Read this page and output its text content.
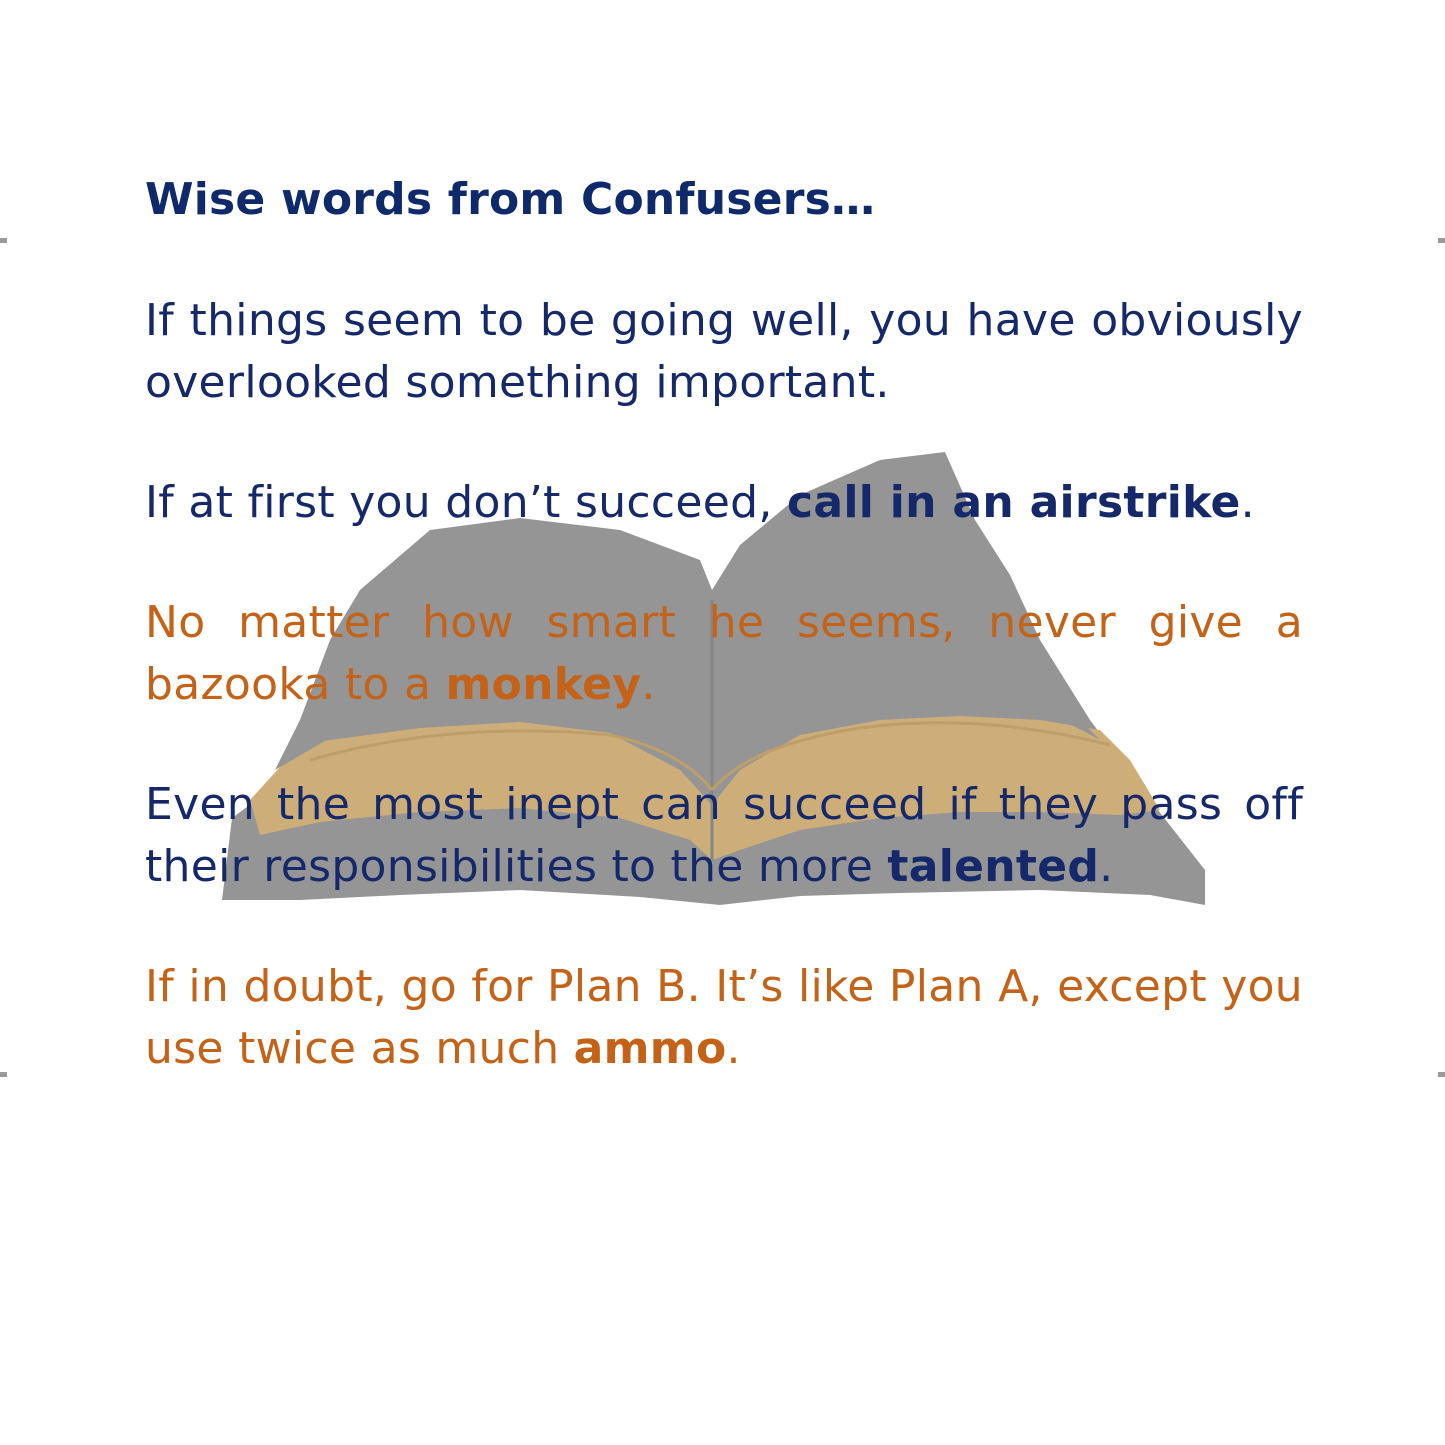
Wise words from Confusers…

If things seem to be going well, you have obviously overlooked something important.

If at first you don’t succeed, call in an airstrike.

No matter how smart he seems, never give a bazooka to a monkey.

Even the most inept can succeed if they pass off their responsibilities to the more talented.

If in doubt, go for Plan B. It’s like Plan A, except you use twice as much ammo.
